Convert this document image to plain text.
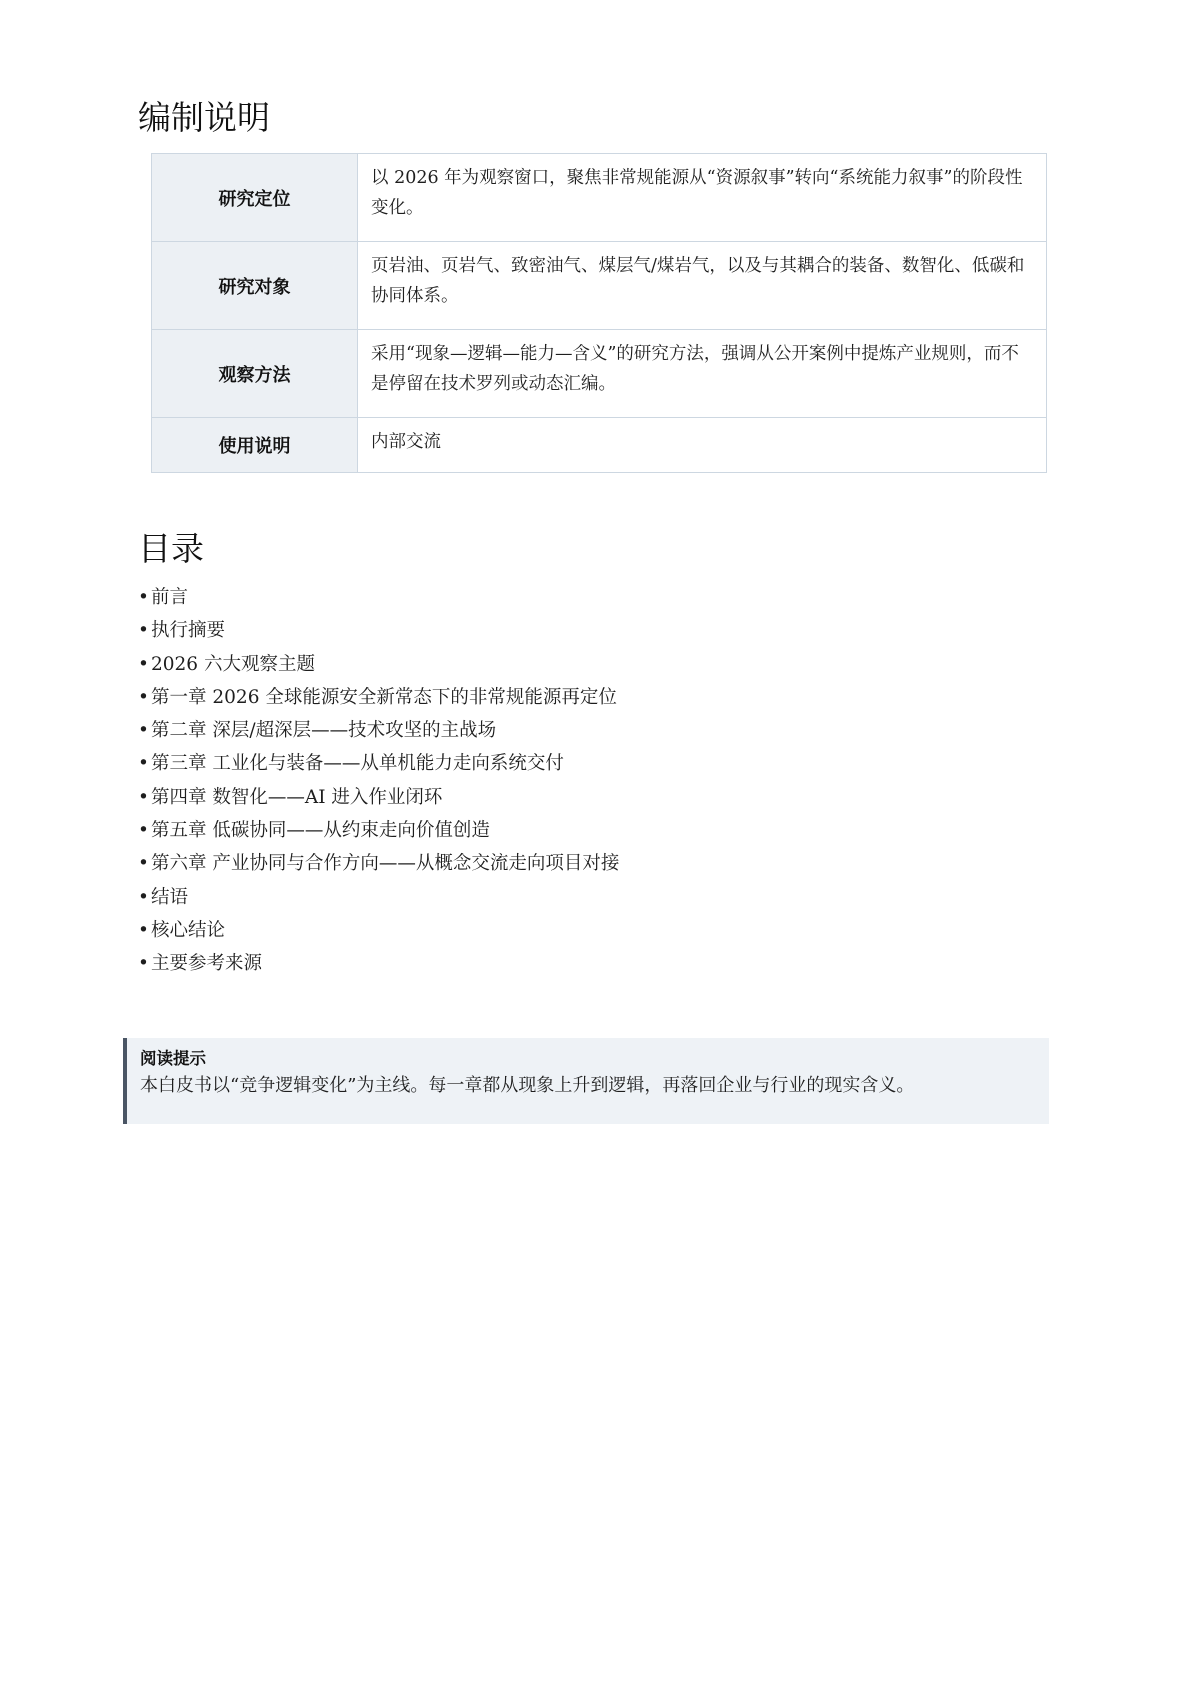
编制说明
研究定位	以 2026 年为观察窗口，聚焦非常规能源从“资源叙事”转向“系统能力叙事”的阶段性变化。
研究对象	页岩油、页岩气、致密油气、煤层气/煤岩气，以及与其耦合的装备、数智化、低碳和协同体系。
观察方法	采用“现象—逻辑—能力—含义”的研究方法，强调从公开案例中提炼产业规则，而不是停留在技术罗列或动态汇编。
使用说明	内部交流
目录
• 前言
• 执行摘要
• 2026 六大观察主题
• 第一章 2026 全球能源安全新常态下的非常规能源再定位
• 第二章 深层/超深层——技术攻坚的主战场
• 第三章 工业化与装备——从单机能力走向系统交付
• 第四章 数智化——AI 进入作业闭环
• 第五章 低碳协同——从约束走向价值创造
• 第六章 产业协同与合作方向——从概念交流走向项目对接
• 结语
• 核心结论
• 主要参考来源
阅读提示
本白皮书以“竞争逻辑变化”为主线。每一章都从现象上升到逻辑，再落回企业与行业的现实含义。
